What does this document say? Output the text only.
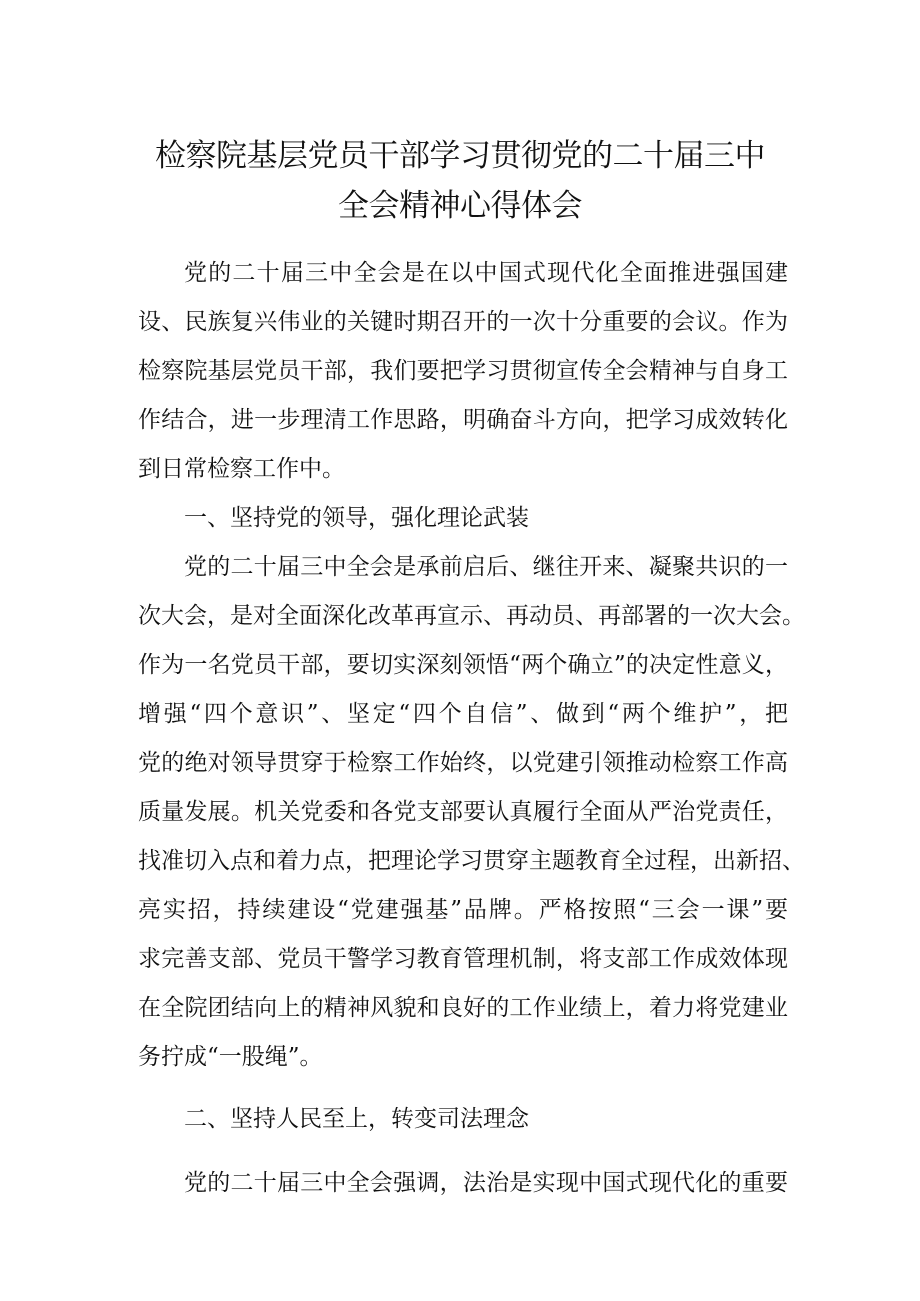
检察院基层党员干部学习贯彻党的二十届三中
全会精神心得体会
党的二十届三中全会是在以中国式现代化全面推进强国建
设、民族复兴伟业的关键时期召开的一次十分重要的会议。作为
检察院基层党员干部，我们要把学习贯彻宣传全会精神与自身工
作结合，进一步理清工作思路，明确奋斗方向，把学习成效转化
到日常检察工作中。
一、坚持党的领导，强化理论武装
党的二十届三中全会是承前启后、继往开来、凝聚共识的一
次大会，是对全面深化改革再宣示、再动员、再部署的一次大会。
作为一名党员干部，要切实深刻领悟“两个确立”的决定性意义，
增强“四个意识”、坚定“四个自信”、做到“两个维护”，把
党的绝对领导贯穿于检察工作始终，以党建引领推动检察工作高
质量发展。机关党委和各党支部要认真履行全面从严治党责任，
找准切入点和着力点，把理论学习贯穿主题教育全过程，出新招、
亮实招，持续建设“党建强基”品牌。严格按照“三会一课”要
求完善支部、党员干警学习教育管理机制，将支部工作成效体现
在全院团结向上的精神风貌和良好的工作业绩上，着力将党建业
务拧成“一股绳”。
二、坚持人民至上，转变司法理念
党的二十届三中全会强调，法治是实现中国式现代化的重要
